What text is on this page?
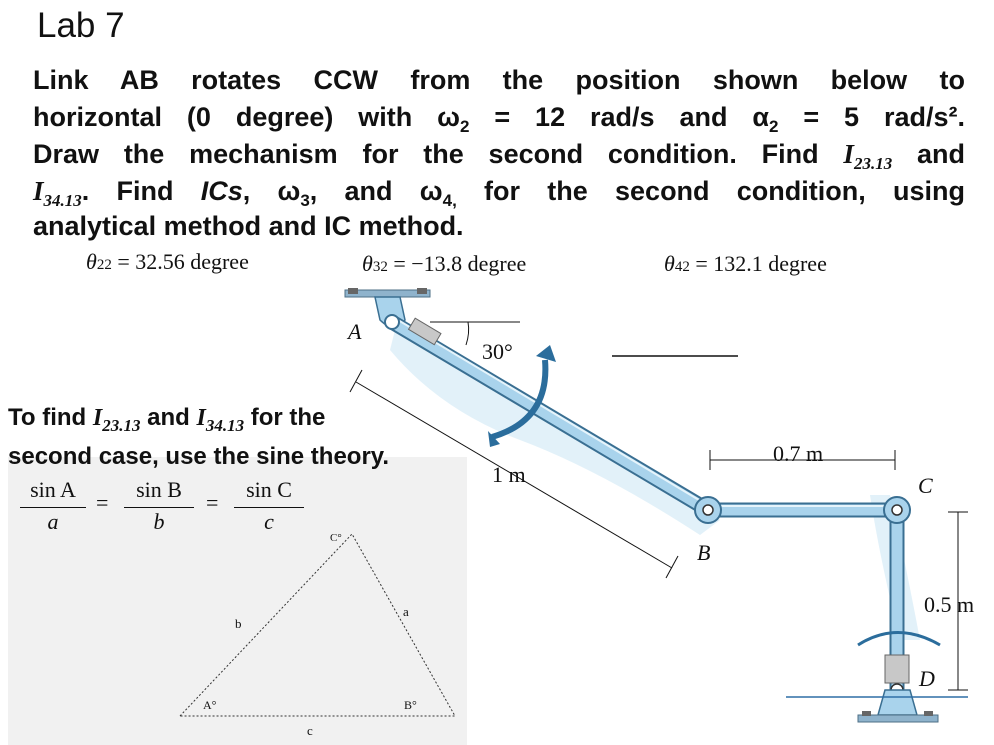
Lab 7
Link AB rotates CCW from the position shown below to
horizontal (0 degree) with $\omega_2 = 12$ rad/s and $\alpha_2 = 5$ rad/s².
Draw the mechanism for the second condition. Find $I_{23.13}$ and
$I_{34.13}$. Find ICs, $\omega_3$, and $\omega_{4,}$ for the second condition, using
analytical method and IC method.
θ22 = 32.56 degree	θ32 = −13.8 degree	θ42 = 132.1 degree
A
30°
1 m
0.7 m
C
B
0.5 m
D
To find $I_{23.13}$ and $I_{34.13}$ for the
second case, use the sine theory.
sin A
a
=
sin B
b
=
sin C
c
C°
A°	B°
b
a
c
